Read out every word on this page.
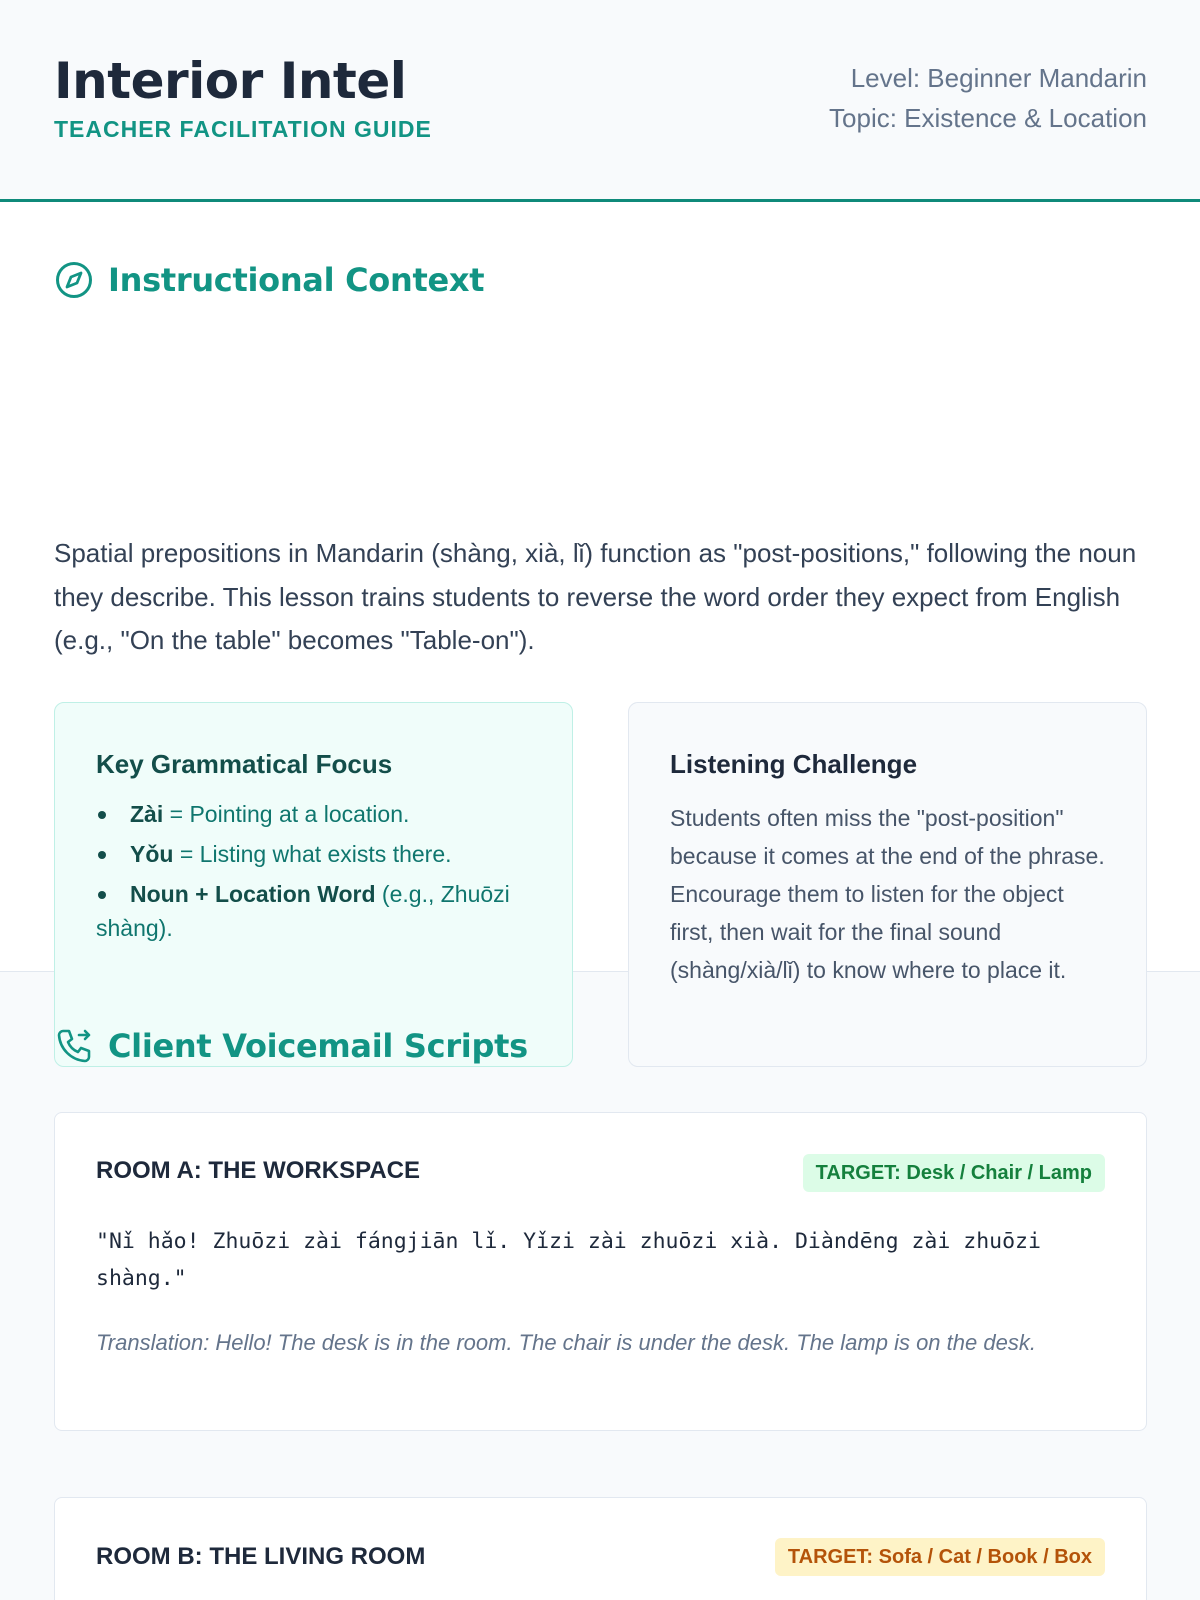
Interior Intel
TEACHER FACILITATION GUIDE
Level: Beginner Mandarin
Topic: Existence & Location
Instructional Context

Spatial prepositions in Mandarin (shàng, xià, lǐ) function as "post-positions," following the noun they describe. This lesson trains students to reverse the word order they expect from English (e.g., "On the table" becomes "Table-on").

Key Grammatical Focus
Zài = Pointing at a location.
Yǒu = Listing what exists there.
Noun + Location Word (e.g., Zhuōzi shàng).
Listening Challenge

Students often miss the "post-position" because it comes at the end of the phrase. Encourage them to listen for the object first, then wait for the final sound (shàng/xià/lǐ) to know where to place it.

Client Voicemail Scripts
ROOM A: THE WORKSPACE	TARGET: Desk / Chair / Lamp

"Nǐ hǎo! Zhuōzi zài fángjiān lǐ. Yǐzi zài zhuōzi xià. Diàndēng zài zhuōzi shàng."

Translation: Hello! The desk is in the room. The chair is under the desk. The lamp is on the desk.

ROOM B: THE LIVING ROOM	TARGET: Sofa / Cat / Book / Box
